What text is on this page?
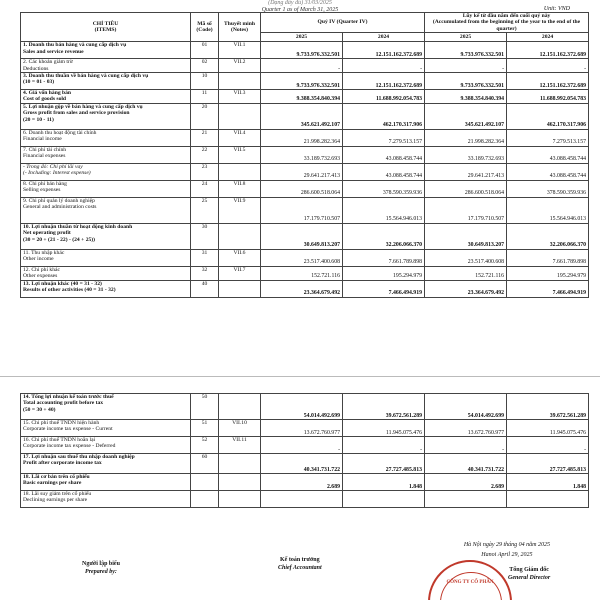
(Dạng đầy đủ) 31/03/2025
Quarter 1 as of March 31, 2025	Unit: VND
CHỈ TIÊU
(ITEMS)	Mã số
(Code)	Thuyết minh
(Notes)	Quý IV (Quarter IV)		Lũy kế từ đầu năm đến cuối quý này
(Accumulated from the beginning of the year to the end of the quarter)	

			2025	2024	2025	2024

1. Doanh thu bán hàng và cung cấp dịch vụ
Sales and service revenue	01	VII.1	9.733.976.332.501	12.151.162.372.689	9.733.976.332.501	12.151.162.372.689

2. Các khoản giảm trừ
Deductions	02	VII.2	-	-	-	-

3. Doanh thu thuần về bán hàng và cung cấp dịch vụ
(10 = 01 - 03)	10		9.733.976.332.501	12.151.162.372.689	9.733.976.332.501	12.151.162.372.689

4. Giá vốn hàng bán
Cost of goods sold	11	VII.3	9.388.354.840.394	11.688.992.054.783	9.388.354.840.394	11.688.992.054.783

5. Lợi nhuận gộp về bán hàng và cung cấp dịch vụ
Gross profit from sales and service provision
(20 = 10 - 11)	20		345.621.492.107	462.170.317.906	345.621.492.107	462.170.317.906

6. Doanh thu hoạt động tài chính
Financial income	21	VII.4	21.998.282.364	7.279.513.157	21.998.282.364	7.279.513.157

7. Chi phí tài chính
Financial expenses	22	VII.5	33.189.732.693	43.088.458.744	33.189.732.693	43.088.458.744

- Trong đó: Chi phí lãi vay
(- Including: Interest expense)	23		29.641.217.413	43.088.458.744	29.641.217.413	43.088.458.744

8. Chi phí bán hàng
Selling expenses	24	VII.8	286.600.518.064	378.590.359.936	286.600.518.064	378.590.359.936

9. Chi phí quản lý doanh nghiệp
General and administration costs	25	VII.9	17.179.710.507	15.564.946.013	17.179.710.507	15.564.946.013

10. Lợi nhuận thuần từ hoạt động kinh doanh
Net operating profit
(30 = 20 + (21 - 22) - (24 + 25))	30		30.649.813.207	32.206.066.370	30.649.813.207	32.206.066.370

11. Thu nhập khác
Other income	31	VII.6	23.517.400.608	7.661.789.898	23.517.400.608	7.661.789.898

12. Chi phí khác
Other expenses	32	VII.7	152.721.116	195.294.979	152.721.116	195.294.979

13. Lợi nhuận khác (40 = 31 - 32)
Results of other activities (40 = 31 - 32)	40		23.364.679.492	7.466.494.919	23.364.679.492	7.466.494.919
14. Tổng lợi nhuận kế toán trước thuế
Total accounting profit before tax
(50 = 30 + 40)	50		54.014.492.699	39.672.561.289	54.014.492.699	39.672.561.289

15. Chi phí thuế TNDN hiện hành
Corporate income tax expense - Current	51	VII.10	13.672.760.977	11.945.075.476	13.672.760.977	11.945.075.476

16. Chi phí thuế TNDN hoãn lại
Corporate income tax expense - Deferred	52	VII.11	-	-	-	-

17. Lợi nhuận sau thuế thu nhập doanh nghiệp
Profit after corporate income tax	60		40.341.731.722	27.727.485.813	40.341.731.722	27.727.485.813

18. Lãi cơ bản trên cổ phiếu
Basic earnings per share			2.689	1.848	2.689	1.848

18. Lãi suy giảm trên cổ phiếu
Declining earnings per share						

Hà Nội ngày 29 tháng 04 năm 2025
Hanoi April 29, 2025
Người lập biểu
Prepared by:
Kế toán trưởng
Chief Accountant
CÔNG TY CỔ PHẦN
Tổng Giám đốc
General Director
